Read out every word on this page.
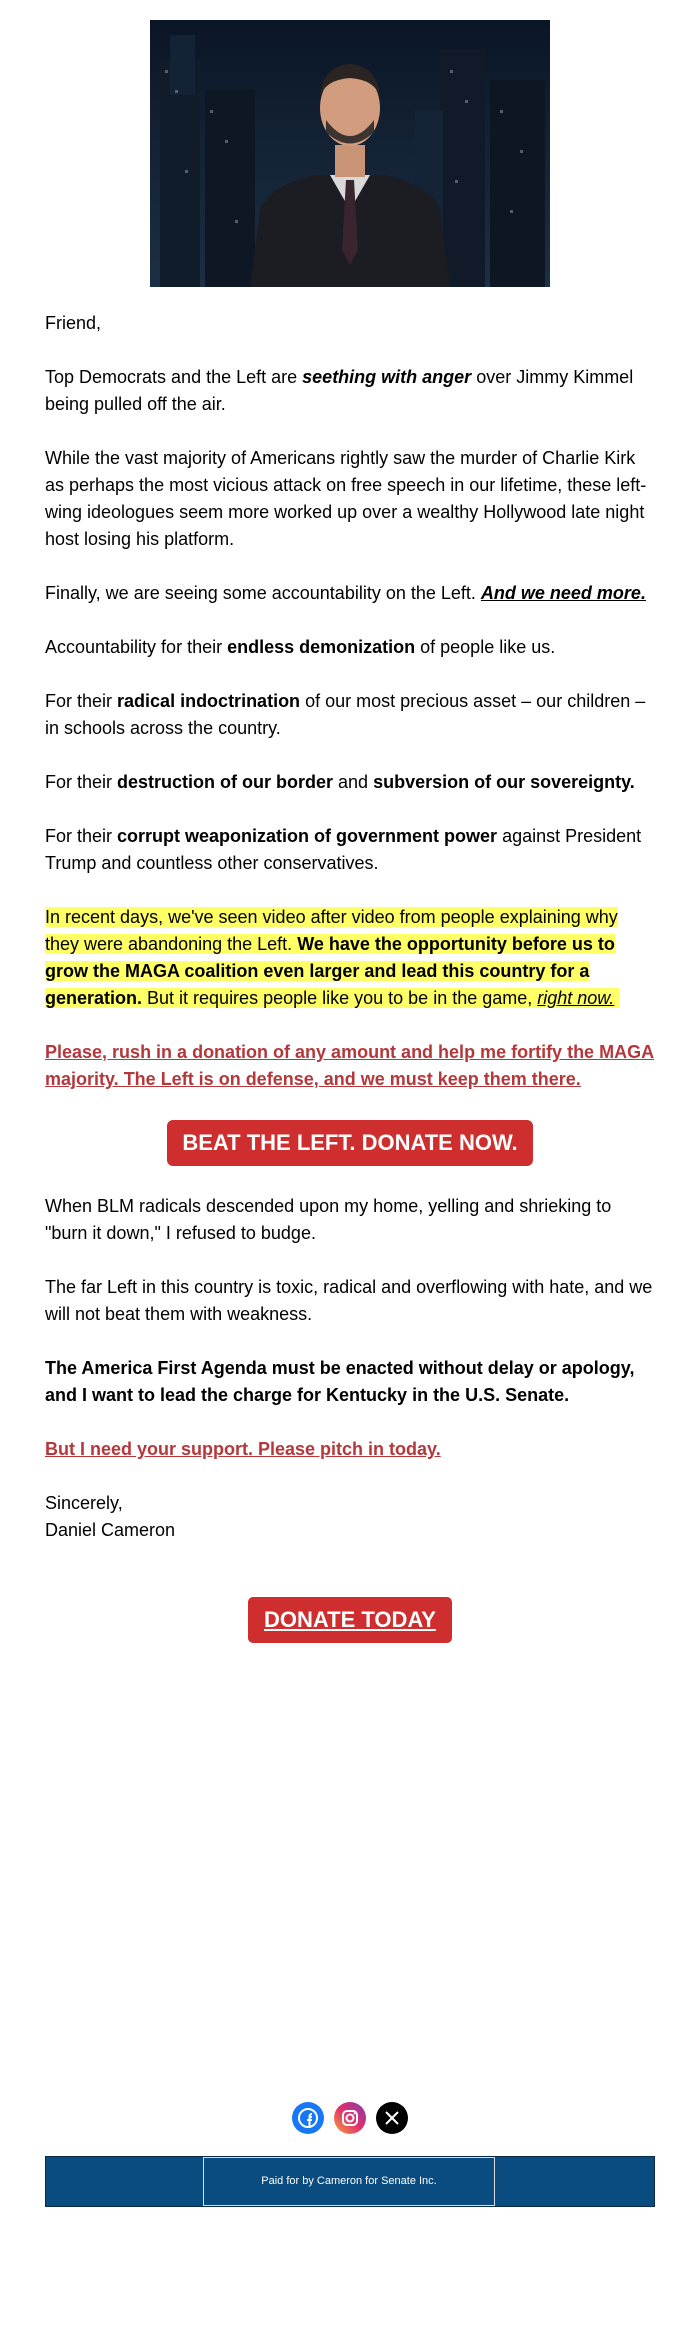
Friend,

Top Democrats and the Left are seething with anger over Jimmy Kimmel being pulled off the air.

While the vast majority of Americans rightly saw the murder of Charlie Kirk as perhaps the most vicious attack on free speech in our lifetime, these left-wing ideologues seem more worked up over a wealthy Hollywood late night host losing his platform.

Finally, we are seeing some accountability on the Left. And we need more.

Accountability for their endless demonization of people like us.

For their radical indoctrination of our most precious asset – our children – in schools across the country.

For their destruction of our border and subversion of our sovereignty.

For their corrupt weaponization of government power against President Trump and countless other conservatives.

In recent days, we've seen video after video from people explaining why they were abandoning the Left. We have the opportunity before us to grow the MAGA coalition even larger and lead this country for a generation. But it requires people like you to be in the game, right now.

Please, rush in a donation of any amount and help me fortify the MAGA majority. The Left is on defense, and we must keep them there.

BEAT THE LEFT. DONATE NOW.

When BLM radicals descended upon my home, yelling and shrieking to "burn it down," I refused to budge.

The far Left in this country is toxic, radical and overflowing with hate, and we will not beat them with weakness.

The America First Agenda must be enacted without delay or apology, and I want to lead the charge for Kentucky in the U.S. Senate.

But I need your support. Please pitch in today.

Sincerely,
Daniel Cameron

DONATE TODAY

Paid for by Cameron for Senate Inc.
